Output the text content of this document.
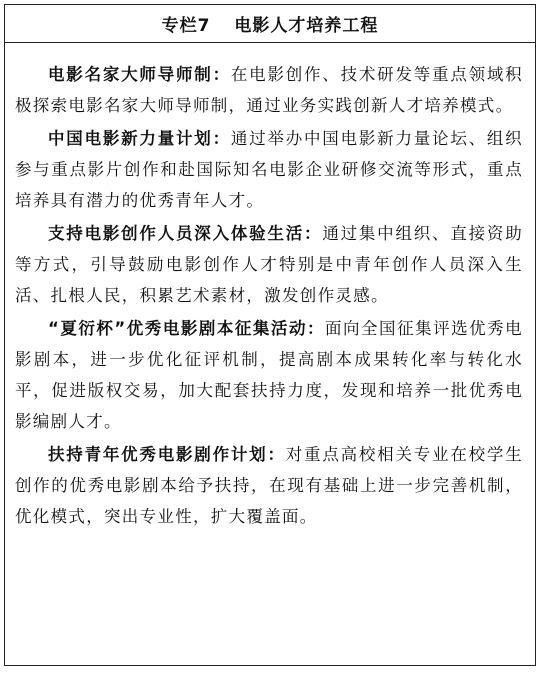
专栏7 电影人才培养工程

电影名家大师导师制：在电影创作、技术研发等重点领域积极探索电影名家大师导师制，通过业务实践创新人才培养模式。

中国电影新力量计划：通过举办中国电影新力量论坛、组织参与重点影片创作和赴国际知名电影企业研修交流等形式，重点培养具有潜力的优秀青年人才。

支持电影创作人员深入体验生活：通过集中组织、直接资助等方式，引导鼓励电影创作人才特别是中青年创作人员深入生活、扎根人民，积累艺术素材，激发创作灵感。

“夏衍杯”优秀电影剧本征集活动：面向全国征集评选优秀电影剧本，进一步优化征评机制，提高剧本成果转化率与转化水平，促进版权交易，加大配套扶持力度，发现和培养一批优秀电影编剧人才。

扶持青年优秀电影剧作计划：对重点高校相关专业在校学生创作的优秀电影剧本给予扶持，在现有基础上进一步完善机制，优化模式，突出专业性，扩大覆盖面。
